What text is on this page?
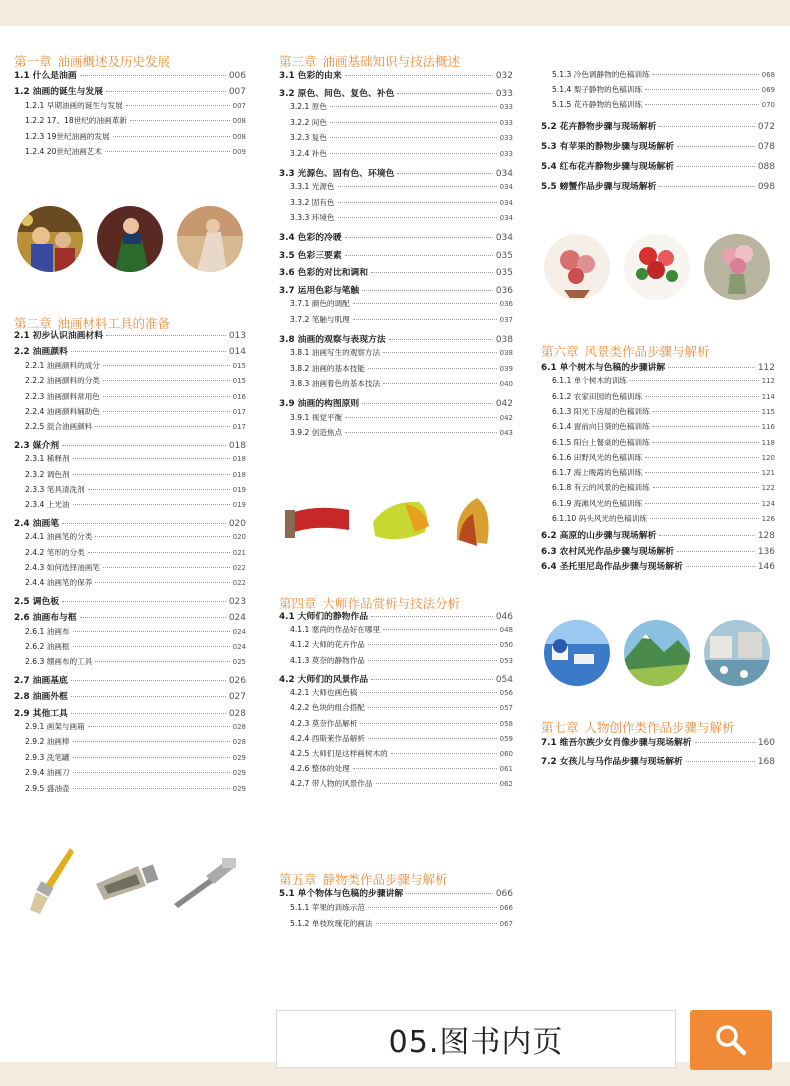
第一章 油画概述及历史发展
1.1 什么是油画	006
1.2 油画的诞生与发展	007
1.2.1 早期油画的诞生与发展	007
1.2.2 17、18世纪的油画革新	008
1.2.3 19世纪油画的发展	008
1.2.4 20世纪油画艺术	009
第二章 油画材料工具的准备
2.1 初步认识油画材料	013
2.2 油画颜料	014
2.2.1 油画颜料的成分	015
2.2.2 油画颜料的分类	015
2.2.3 油画颜料常用色	016
2.2.4 油画颜料辅助色	017
2.2.5 混合油画颜料	017
2.3 媒介剂	018
2.3.1 稀释剂	018
2.3.2 调色剂	018
2.3.3 笔具清洗剂	019
2.3.4 上光油	019
2.4 油画笔	020
2.4.1 油画笔的分类	020
2.4.2 笔形的分类	021
2.4.3 如何选择油画笔	022
2.4.4 油画笔的保养	022
2.5 调色板	023
2.6 油画布与框	024
2.6.1 油画布	024
2.6.2 油画框	024
2.6.3 绷画布的工具	025
2.7 油画基底	026
2.8 油画外框	027
2.9 其他工具	028
2.9.1 画架与画箱	028
2.9.2 油画棒	028
2.9.3 洗笔罐	029
2.9.4 油画刀	029
2.9.5 盛油壶	029
第三章 油画基础知识与技法概述
3.1 色彩的由来	032
3.2 原色、间色、复色、补色	033
3.2.1 原色	033
3.2.2 间色	033
3.2.3 复色	033
3.2.4 补色	033
3.3 光源色、固有色、环境色	034
3.3.1 光源色	034
3.3.2 固有色	034
3.3.3 环境色	034
3.4 色彩的冷暖	034
3.5 色彩三要素	035
3.6 色彩的对比和调和	035
3.7 运用色彩与笔触	036
3.7.1 颜色的调配	036
3.7.2 笔触与肌理	037
3.8 油画的观察与表现方法	038
3.8.1 油画写生的观察方法	038
3.8.2 油画的基本技能	039
3.8.3 油画着色的基本技法	040
3.9 油画的构图原则	042
3.9.1 视觉平衡	042
3.9.2 创造焦点	043
第四章 大师作品赏析与技法分析
4.1 大师们的静物作品	046
4.1.1 塞尚的作品好在哪里	048
4.1.2 大师的花卉作品	050
4.1.3 莫奈的静物作品	053
4.2 大师们的风景作品	054
4.2.1 大师也画色稿	056
4.2.2 色块的组合搭配	057
4.2.3 莫奈作品解析	058
4.2.4 西斯莱作品解析	059
4.2.5 大师们是这样画树木的	060
4.2.6 整体的处理	061
4.2.7 带人物的风景作品	062
第五章 静物类作品步骤与解析
5.1 单个物体与色稿的步骤讲解	066
5.1.1 苹果的训练示范	066
5.1.2 单枝玫瑰花的画法	067
5.1.3 冷色调静物的色稿训练	068
5.1.4 梨子静物的色稿训练	069
5.1.5 花卉静物的色稿训练	070
5.2 花卉静物步骤与现场解析	072
5.3 有苹果的静物步骤与现场解析	078
5.4 红布花卉静物步骤与现场解析	088
5.5 螃蟹作品步骤与现场解析	098
第六章 风景类作品步骤与解析
6.1 单个树木与色稿的步骤讲解	112
6.1.1 单个树木的训练	112
6.1.2 农家田园的色稿训练	114
6.1.3 阳光下房屋的色稿训练	115
6.1.4 窗前向日葵的色稿训练	116
6.1.5 阳台上餐桌的色稿训练	118
6.1.6 田野风光的色稿训练	120
6.1.7 海上晚霞的色稿训练	121
6.1.8 有云的风景的色稿训练	122
6.1.9 海滩风光的色稿训练	124
6.1.10 码头风光的色稿训练	126
6.2 高原的山步骤与现场解析	128
6.3 农村风光作品步骤与现场解析	136
6.4 圣托里尼岛作品步骤与现场解析	146
第七章 人物创作类作品步骤与解析
7.1 维吾尔族少女肖像步骤与现场解析	160
7.2 女孩儿与马作品步骤与现场解析	168
05.图书内页
